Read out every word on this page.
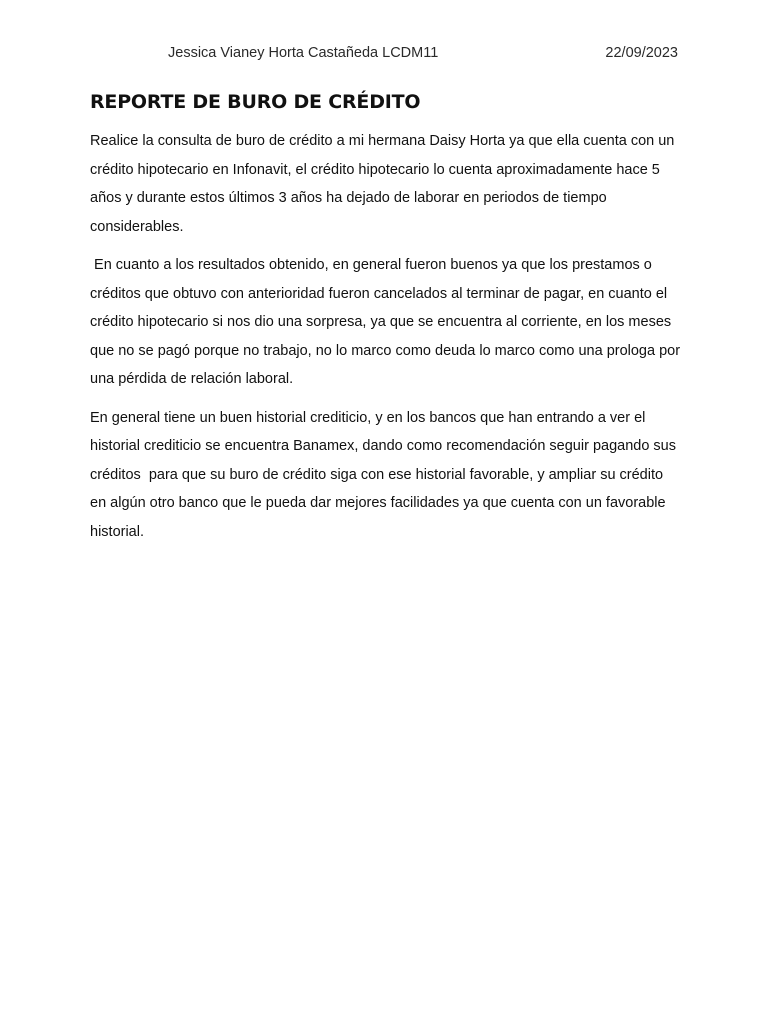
Jessica Vianey Horta Castañeda LCDM11	22/09/2023
REPORTE DE BURO DE CRÉDITO

Realice la consulta de buro de crédito a mi hermana Daisy Horta ya que ella cuenta con un crédito hipotecario en Infonavit, el crédito hipotecario lo cuenta aproximadamente hace 5 años y durante estos últimos 3 años ha dejado de laborar en periodos de tiempo considerables.

En cuanto a los resultados obtenido, en general fueron buenos ya que los prestamos o créditos que obtuvo con anterioridad fueron cancelados al terminar de pagar, en cuanto el crédito hipotecario si nos dio una sorpresa, ya que se encuentra al corriente, en los meses que no se pagó porque no trabajo, no lo marco como deuda lo marco como una prologa por una pérdida de relación laboral.

En general tiene un buen historial crediticio, y en los bancos que han entrando a ver el historial crediticio se encuentra Banamex, dando como recomendación seguir pagando sus créditos  para que su buro de crédito siga con ese historial favorable, y ampliar su crédito en algún otro banco que le pueda dar mejores facilidades ya que cuenta con un favorable historial.
